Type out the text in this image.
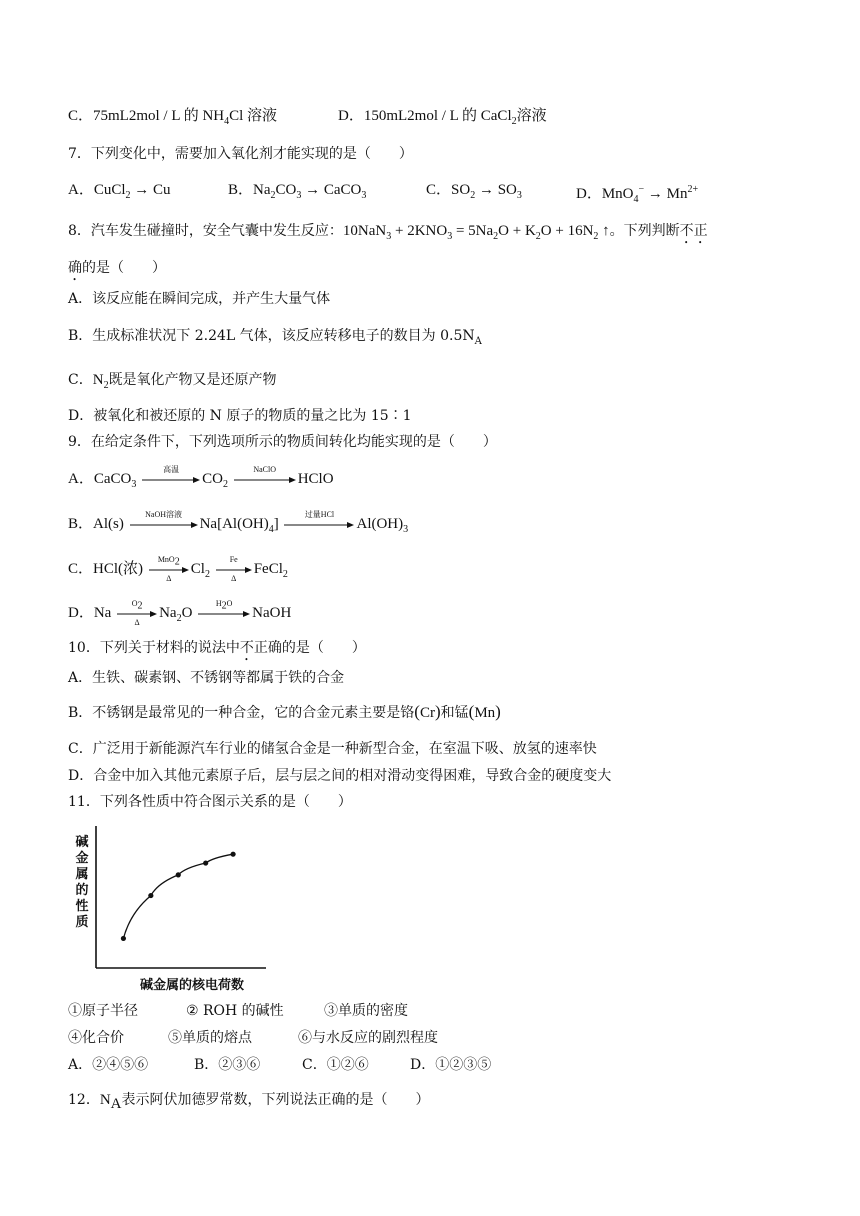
C．75mL2mol / L 的 $NH_4Cl$ 溶液	D．150mL2mol / L 的 CaCl$_2$溶液
7．下列变化中，需要加入氧化剂才能实现的是（　　）
A．CuCl$_2$ → Cu	B．$Na_2CO_3$ → CaCO$_3$	C．$SO_2 \to SO_3$	D．$MnO_4^- \to Mn^{2+}$
8．汽车发生碰撞时，安全气囊中发生反应：$10NaN_3 + 2KNO_3 = 5Na_2O + K_2O + 16N_2$ ↑。下列判断不正
确的是（　　）
A．该反应能在瞬间完成，并产生大量气体
B．生成标准状况下 2.24L 气体，该反应转移电子的数目为 $0.5N_A$
C．$N_2$既是氧化产物又是还原产物
D．被氧化和被还原的 N 原子的物质的量之比为 15∶1
9．在给定条件下，下列选项所示的物质间转化均能实现的是（　　）
A．CaCO$_3$
高温
$CO_2$
NaClO
HClO
B．Al(s)
NaOH溶液
$Na[Al(OH)_4]$
过量HCl
$Al(OH)_3$
C．HCl(浓)
MnO$_2$
Δ
$Cl_2$
Fe
Δ
FeCl$_2$
D．Na
$O_2$
Δ
$Na_2O$
$H_2O$
NaOH
10．下列关于材料的说法中不正确的是（　　）
A．生铁、碳素钢、不锈钢等都属于铁的合金
B．不锈钢是最常见的一种合金，它的合金元素主要是铬(Cr)和锰(Mn)
C．广泛用于新能源汽车行业的储氢合金是一种新型合金，在室温下吸、放氢的速率快
D．合金中加入其他元素原子后，层与层之间的相对滑动变得困难，导致合金的硬度变大
11．下列各性质中符合图示关系的是（　　）
碱金属的核电荷数
碱金属的性质
①原子半径	② ROH 的碱性	③单质的密度
④化合价	⑤单质的熔点	⑥与水反应的剧烈程度
A．②④⑤⑥	B．②③⑥	C．①②⑥	D．①②③⑤
12．$N_A$表示阿伏加德罗常数，下列说法正确的是（　　）
